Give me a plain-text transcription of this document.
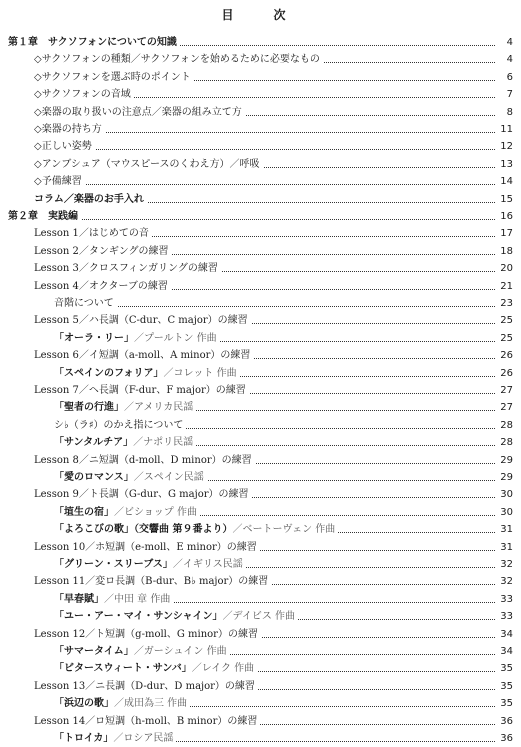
目　次
第１章　サクソフォンについての知識	4
◇サクソフォンの種類／サクソフォンを始めるために必要なもの	4
◇サクソフォンを選ぶ時のポイント	6
◇サクソフォンの音域	7
◇楽器の取り扱いの注意点／楽器の組み立て方	8
◇楽器の持ち方	11
◇正しい姿勢	12
◇アンブシュア（マウスピースのくわえ方）／呼吸	13
◇予備練習	14
コラム／楽器のお手入れ	15
第２章　実践編	16
Lesson 1／はじめての音	17
Lesson 2／タンギングの練習	18
Lesson 3／クロスフィンガリングの練習	20
Lesson 4／オクターブの練習	21
音階について	23
Lesson 5／ハ長調（C-dur、C major）の練習	25
「オーラ・リー」／プールトン 作曲	25
Lesson 6／イ短調（a-moll、A minor）の練習	26
「スペインのフォリア」／コレット 作曲	26
Lesson 7／ヘ長調（F-dur、F major）の練習	27
「聖者の行進」／アメリカ民謡	27
シ♭（ラ♯）のかえ指について	28
「サンタルチア」／ナポリ民謡	28
Lesson 8／ニ短調（d-moll、D minor）の練習	29
「愛のロマンス」／スペイン民謡	29
Lesson 9／ト長調（G-dur、G major）の練習	30
「埴生の宿」／ビショップ 作曲	30
「よろこびの歌」（交響曲 第９番より）／ベートーヴェン 作曲	31
Lesson 10／ホ短調（e-moll、E minor）の練習	31
「グリーン・スリーブス」／イギリス民謡	32
Lesson 11／変ロ長調（B-dur、B♭ major）の練習	32
「早春賦」／中田 章 作曲	33
「ユー・アー・マイ・サンシャイン」／デイビス 作曲	33
Lesson 12／ト短調（g-moll、G minor）の練習	34
「サマータイム」／ガーシュイン 作曲	34
「ビタースウィート・サンバ」／レイク 作曲	35
Lesson 13／ニ長調（D-dur、D major）の練習	35
「浜辺の歌」／成田為三 作曲	35
Lesson 14／ロ短調（h-moll、B minor）の練習	36
「トロイカ」／ロシア民謡	36
